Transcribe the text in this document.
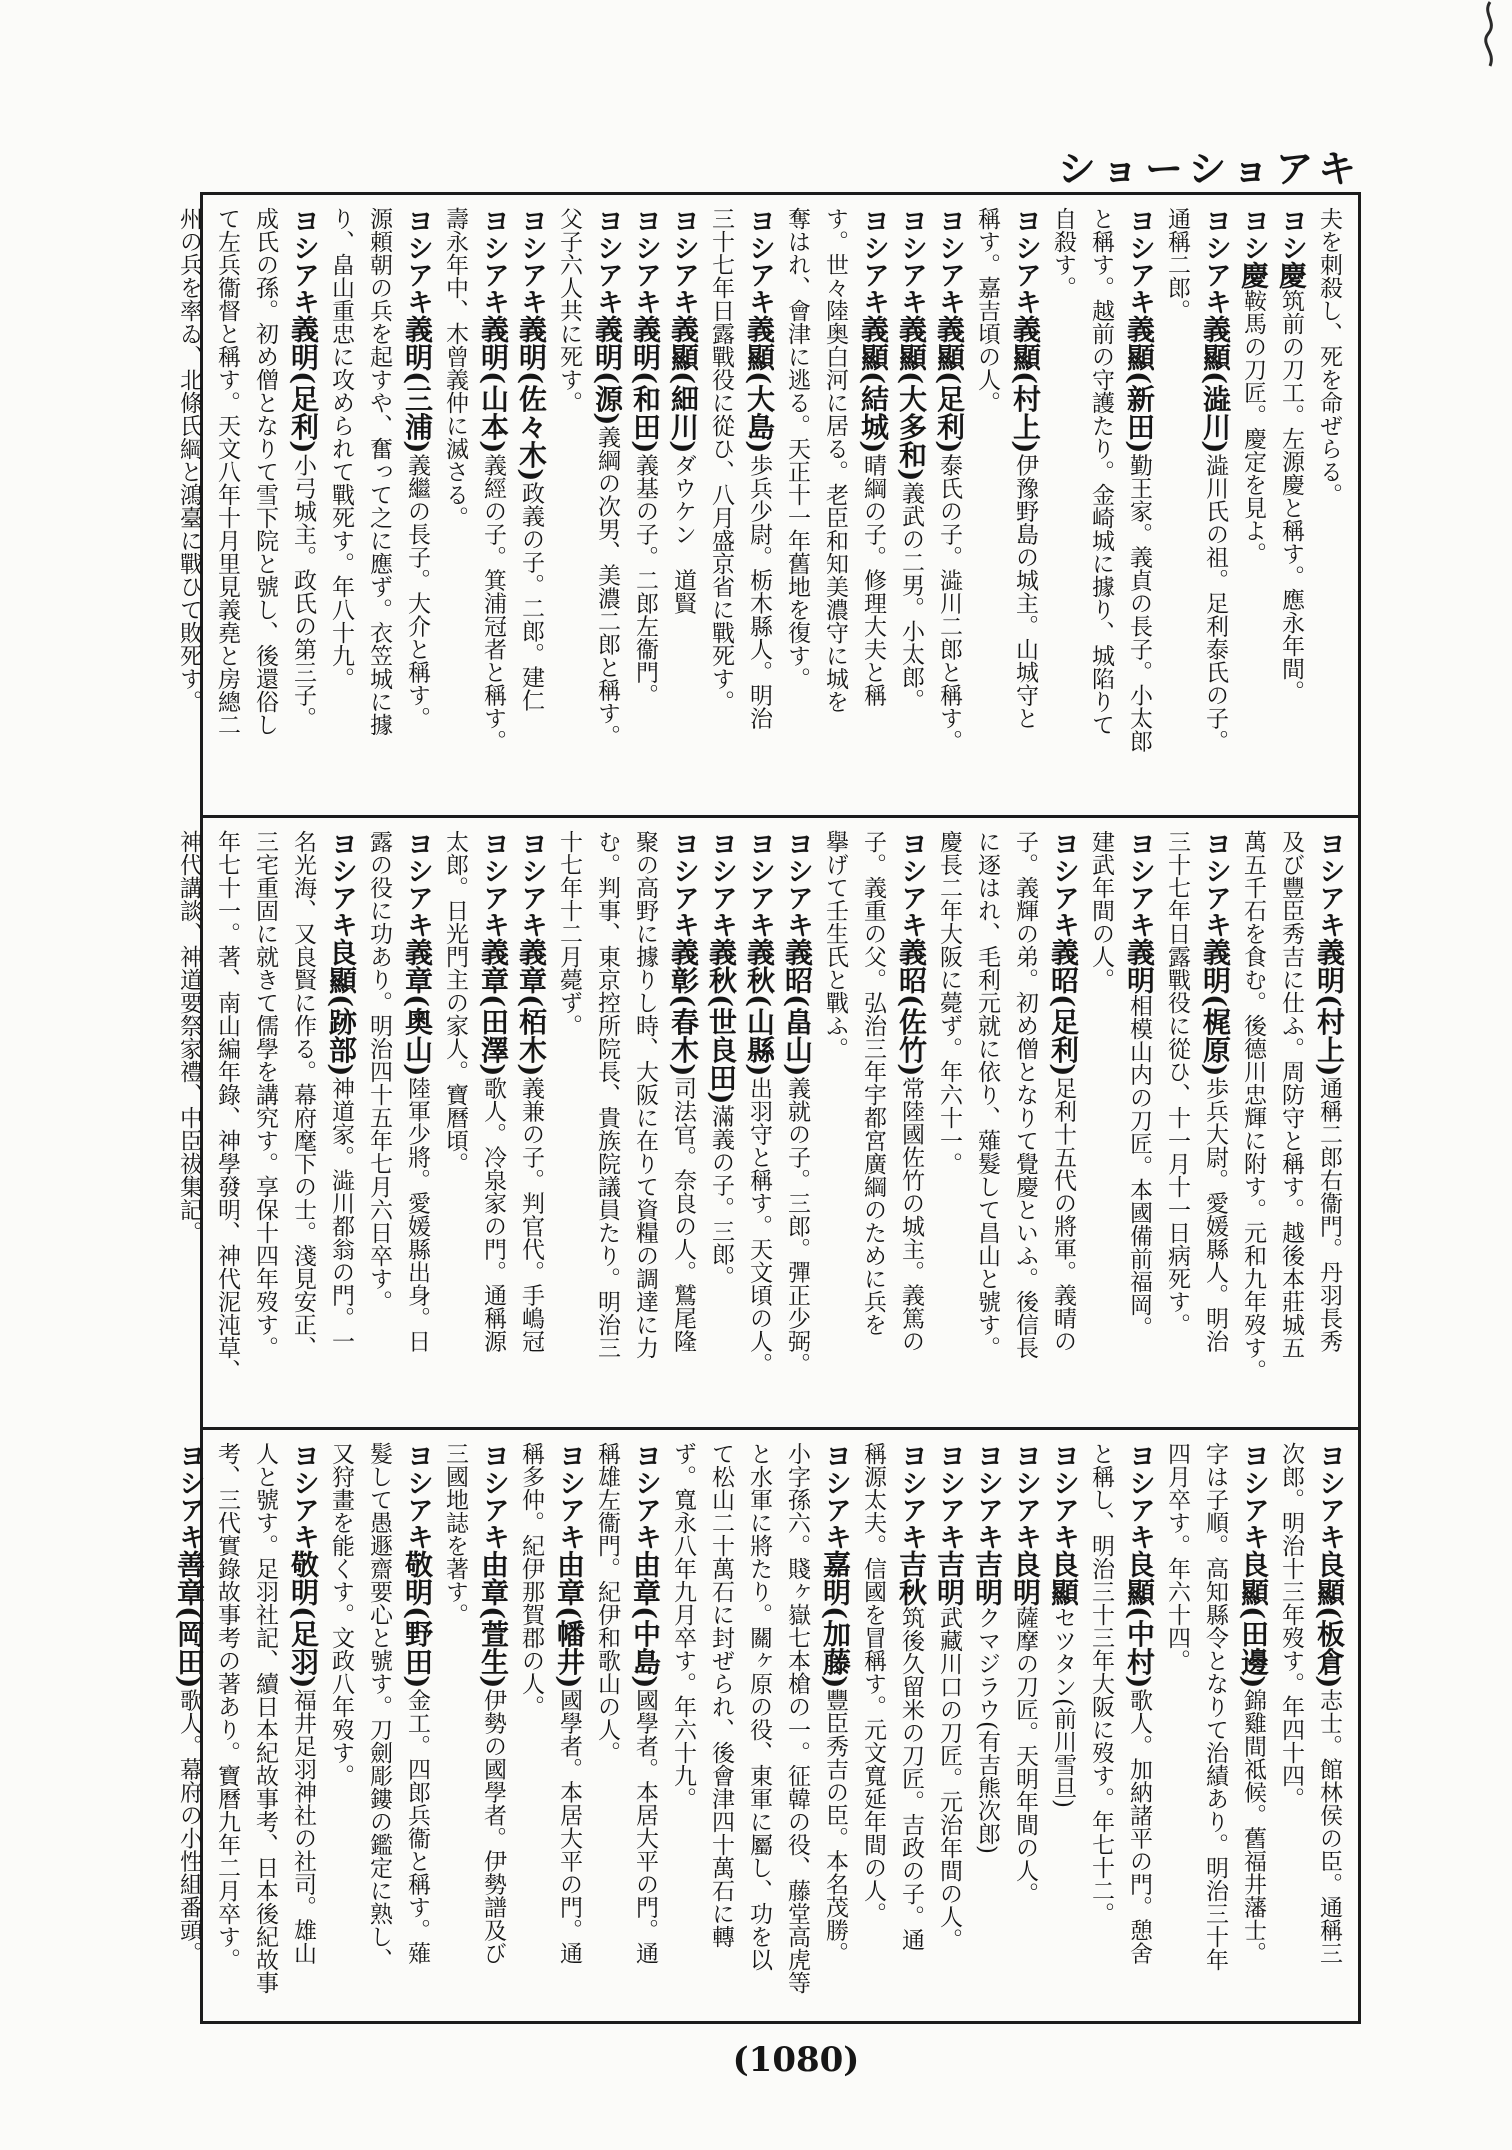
ショーショアキ
夫を刺殺し、死を命ぜらる。
ヨシ慶筑前の刀工。左源慶と稱す。應永年間。
ヨシ慶鞍馬の刀匠。慶定を見よ。
ヨシアキ義顯(澁川)澁川氏の祖。足利泰氏の子。
通稱二郎。
ヨシアキ義顯(新田)勤王家。義貞の長子。小太郎
と稱す。越前の守護たり。金崎城に據り、城陷りて
自殺す。
ヨシアキ義顯(村上)伊豫野島の城主。山城守と
稱す。嘉吉頃の人。
ヨシアキ義顯(足利)泰氏の子。澁川二郎と稱す。
ヨシアキ義顯(大多和)義武の二男。小太郎。
ヨシアキ義顯(結城)晴綱の子。修理大夫と稱
す。世々陸奥白河に居る。老臣和知美濃守に城を
奪はれ、會津に逃る。天正十一年舊地を復す。
ヨシアキ義顯(大島)歩兵少尉。栃木縣人。明治
三十七年日露戰役に從ひ、八月盛京省に戰死す。
ヨシアキ義顯(細川)ダウケン　道賢
ヨシアキ義明(和田)義基の子。二郎左衞門。
ヨシアキ義明(源)義綱の次男、美濃二郎と稱す。
父子六人共に死す。
ヨシアキ義明(佐々木)政義の子。二郎。建仁
ヨシアキ義明(山本)義經の子。箕浦冠者と稱す。
壽永年中、木曾義仲に滅さる。
ヨシアキ義明(三浦)義繼の長子。大介と稱す。
源頼朝の兵を起すや、奮って之に應ず。衣笠城に據
り、畠山重忠に攻められて戰死す。年八十九。
ヨシアキ義明(足利)小弓城主。政氏の第三子。
成氏の孫。初め僧となりて雪下院と號し、後還俗し
て左兵衞督と稱す。天文八年十月里見義堯と房總二
州の兵を率ゐ、北條氏綱と鴻臺に戰ひて敗死す。
ヨシアキ義明(村上)通稱二郎右衞門。丹羽長秀
及び豐臣秀吉に仕ふ。周防守と稱す。越後本莊城五
萬五千石を食む。後德川忠輝に附す。元和九年歿す。
ヨシアキ義明(梶原)歩兵大尉。愛媛縣人。明治
三十七年日露戰役に從ひ、十一月十一日病死す。
ヨシアキ義明相模山内の刀匠。本國備前福岡。
建武年間の人。
ヨシアキ義昭(足利)足利十五代の將軍。義晴の
子。義輝の弟。初め僧となりて覺慶といふ。後信長
に逐はれ、毛利元就に依り、薙髮して昌山と號す。
慶長二年大阪に薨ず。年六十一。
ヨシアキ義昭(佐竹)常陸國佐竹の城主。義篤の
子。義重の父。弘治三年宇都宮廣綱のために兵を
擧げて壬生氏と戰ふ。
ヨシアキ義昭(畠山)義就の子。三郎。彈正少弼。
ヨシアキ義秋(山縣)出羽守と稱す。天文頃の人。
ヨシアキ義秋(世良田)滿義の子。三郎。
ヨシアキ義彰(春木)司法官。奈良の人。鷲尾隆
聚の高野に據りし時、大阪に在りて資糧の調達に力
む。判事、東京控所院長、貴族院議員たり。明治三
十七年十二月薨ず。
ヨシアキ義章(栢木)義兼の子。判官代。手嶋冠
ヨシアキ義章(田澤)歌人。冷泉家の門。通稱源
太郎。日光門主の家人。寶曆頃。
ヨシアキ義章(奧山)陸軍少將。愛媛縣出身。日
露の役に功あり。明治四十五年七月六日卒す。
ヨシアキ良顯(跡部)神道家。澁川都翁の門。一
名光海、又良賢に作る。幕府麾下の士。淺見安正、
三宅重固に就きて儒學を講究す。享保十四年歿す。
年七十一。著、南山編年錄、神學發明、神代泥沌草、
神代講談、神道要祭家禮、中臣祓集記。
ヨシアキ良顯(板倉)志士。館林侯の臣。通稱三
次郎。明治十三年歿す。年四十四。
ヨシアキ良顯(田邊)錦雞間祗候。舊福井藩士。
字は子順。高知縣令となりて治績あり。明治三十年
四月卒す。年六十四。
ヨシアキ良顯(中村)歌人。加納諸平の門。憩舍
と稱し、明治三十三年大阪に歿す。年七十二。
ヨシアキ良顯セツタン(前川雪旦)
ヨシアキ良明薩摩の刀匠。天明年間の人。
ヨシアキ吉明クマジラウ(有吉熊次郎)
ヨシアキ吉明武藏川口の刀匠。元治年間の人。
ヨシアキ吉秋筑後久留米の刀匠。吉政の子。通
稱源太夫。信國を冒稱す。元文寬延年間の人。
ヨシアキ嘉明(加藤)豐臣秀吉の臣。本名茂勝。
小字孫六。賤ヶ嶽七本槍の一。征韓の役、藤堂高虎等
と水軍に將たり。關ヶ原の役、東軍に屬し、功を以
て松山二十萬石に封ぜられ、後會津四十萬石に轉
ず。寬永八年九月卒す。年六十九。
ヨシアキ由章(中島)國學者。本居大平の門。通
稱雄左衞門。紀伊和歌山の人。
ヨシアキ由章(幡井)國學者。本居大平の門。通
稱多仲。紀伊那賀郡の人。
ヨシアキ由章(萱生)伊勢の國學者。伊勢譜及び
三國地誌を著す。
ヨシアキ敬明(野田)金工。四郎兵衞と稱す。薙
髮して愚遯齋要心と號す。刀劍彫鏤の鑑定に熟し、
又狩畫を能くす。文政八年歿す。
ヨシアキ敬明(足羽)福井足羽神社の社司。雄山
人と號す。足羽社記、續日本紀故事考、日本後紀故事
考、三代實錄故事考の著あり。寶曆九年二月卒す。
ヨシアキ善章(岡田)歌人。幕府の小性組番頭。
(1080)
